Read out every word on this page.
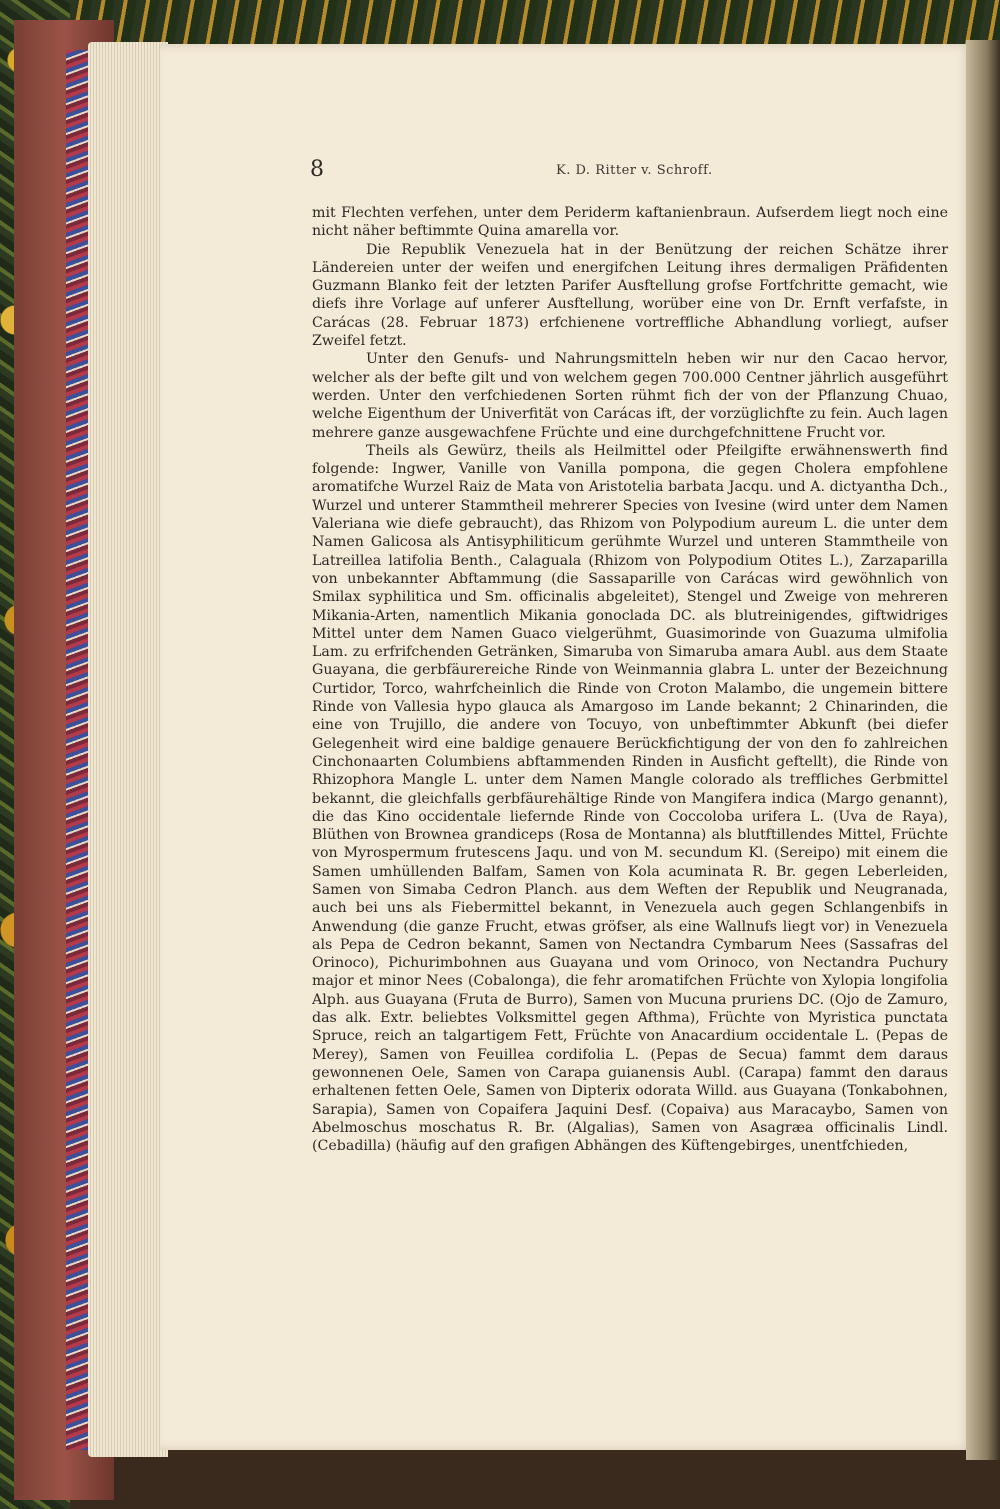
8	K. D. Ritter v. Schroff.

mit Flechten verfehen, unter dem Periderm kaftanienbraun. Aufserdem liegt noch eine nicht näher beftimmte Quina amarella vor.

Die Republik Venezuela hat in der Benützung der reichen Schätze ihrer Ländereien unter der weifen und energifchen Leitung ihres dermaligen Präfidenten Guzmann Blanko feit der letzten Parifer Ausftellung grofse Fortfchritte gemacht, wie diefs ihre Vorlage auf unferer Ausftellung, worüber eine von Dr. Ernft verfafste, in Carácas (28. Februar 1873) erfchienene vortreffliche Abhandlung vorliegt, aufser Zweifel fetzt.

Unter den Genufs- und Nahrungsmitteln heben wir nur den Cacao hervor, welcher als der befte gilt und von welchem gegen 700.000 Centner jährlich ausgeführt werden. Unter den verfchiedenen Sorten rühmt fich der von der Pflanzung Chuao, welche Eigenthum der Univerfität von Carácas ift, der vorzüglichfte zu fein. Auch lagen mehrere ganze ausgewachfene Früchte und eine durchgefchnittene Frucht vor.

Theils als Gewürz, theils als Heilmittel oder Pfeilgifte erwähnenswerth find folgende: Ingwer, Vanille von Vanilla pompona, die gegen Cholera empfohlene aromatifche Wurzel Raiz de Mata von Aristotelia barbata Jacqu. und A. dictyantha Dch., Wurzel und unterer Stammtheil mehrerer Species von Ivesine (wird unter dem Namen Valeriana wie diefe gebraucht), das Rhizom von Polypodium aureum L. die unter dem Namen Galicosa als Antisyphiliticum gerühmte Wurzel und unteren Stammtheile von Latreillea latifolia Benth., Calaguala (Rhizom von Polypodium Otites L.), Zarzaparilla von unbekannter Abftammung (die Sassaparille von Carácas wird gewöhnlich von Smilax syphilitica und Sm. officinalis abgeleitet), Stengel und Zweige von mehreren Mikania-Arten, namentlich Mikania gonoclada DC. als blutreinigendes, giftwidriges Mittel unter dem Namen Guaco vielgerühmt, Guasimorinde von Guazuma ulmifolia Lam. zu erfrifchenden Getränken, Simaruba von Simaruba amara Aubl. aus dem Staate Guayana, die gerbfäurereiche Rinde von Weinmannia glabra L. unter der Bezeichnung Curtidor, Torco, wahrfcheinlich die Rinde von Croton Malambo, die ungemein bittere Rinde von Vallesia hypo glauca als Amargoso im Lande bekannt; 2 Chinarinden, die eine von Trujillo, die andere von Tocuyo, von unbeftimmter Abkunft (bei diefer Gelegenheit wird eine baldige genauere Berückfichtigung der von den fo zahlreichen Cinchonaarten Columbiens abftammenden Rinden in Ausficht geftellt), die Rinde von Rhizophora Mangle L. unter dem Namen Mangle colorado als treffliches Gerbmittel bekannt, die gleichfalls gerbfäurehältige Rinde von Mangifera indica (Margo genannt), die das Kino occidentale liefernde Rinde von Coccoloba urifera L. (Uva de Raya), Blüthen von Brownea grandiceps (Rosa de Montanna) als blutftillendes Mittel, Früchte von Myrospermum frutescens Jaqu. und von M. secundum Kl. (Sereipo) mit einem die Samen umhüllenden Balfam, Samen von Kola acuminata R. Br. gegen Leberleiden, Samen von Simaba Cedron Planch. aus dem Weften der Republik und Neugranada, auch bei uns als Fiebermittel bekannt, in Venezuela auch gegen Schlangenbifs in Anwendung (die ganze Frucht, etwas gröfser, als eine Wallnufs liegt vor) in Venezuela als Pepa de Cedron bekannt, Samen von Nectandra Cymbarum Nees (Sassafras del Orinoco), Pichurimbohnen aus Guayana und vom Orinoco, von Nectandra Puchury major et minor Nees (Cobalonga), die fehr aromatifchen Früchte von Xylopia longifolia Alph. aus Guayana (Fruta de Burro), Samen von Mucuna pruriens DC. (Ojo de Zamuro, das alk. Extr. beliebtes Volksmittel gegen Afthma), Früchte von Myristica punctata Spruce, reich an talgartigem Fett, Früchte von Anacardium occidentale L. (Pepas de Merey), Samen von Feuillea cordifolia L. (Pepas de Secua) fammt dem daraus gewonnenen Oele, Samen von Carapa guianensis Aubl. (Carapa) fammt den daraus erhaltenen fetten Oele, Samen von Dipterix odorata Willd. aus Guayana (Tonkabohnen, Sarapia), Samen von Copaifera Jaquini Desf. (Copaiva) aus Maracaybo, Samen von Abelmoschus moschatus R. Br. (Algalias), Samen von Asagræa officinalis Lindl. (Cebadilla) (häufig auf den grafigen Abhängen des Küftengebirges, unentfchieden,
